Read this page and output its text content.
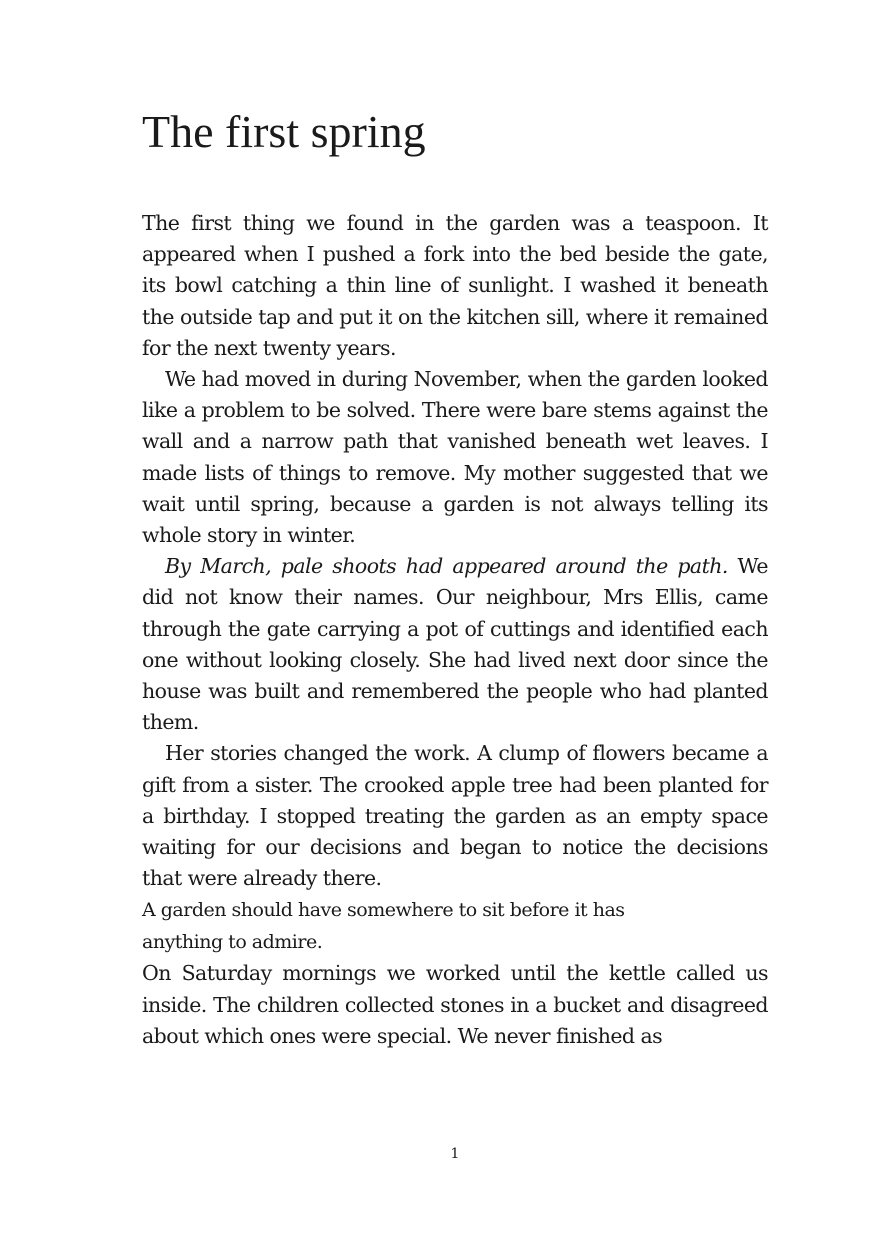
The first spring

The first thing we found in the garden was a teaspoon. It appeared when I pushed a fork into the bed beside the gate, its bowl catching a thin line of sunlight. I washed it beneath the outside tap and put it on the kitchen sill, where it remained for the next twenty years.

We had moved in during November, when the garden looked like a problem to be solved. There were bare stems against the wall and a narrow path that vanished beneath wet leaves. I made lists of things to remove. My mother suggested that we wait until spring, because a garden is not always telling its whole story in winter.

By March, pale shoots had appeared around the path. We did not know their names. Our neighbour, Mrs Ellis, came through the gate carrying a pot of cuttings and identified each one without looking closely. She had lived next door since the house was built and remembered the people who had planted them.

Her stories changed the work. A clump of flowers became a gift from a sister. The crooked apple tree had been planted for a birthday. I stopped treating the garden as an empty space waiting for our decisions and began to notice the decisions that were already there.

A garden should have somewhere to sit before it has anything to admire.

On Saturday mornings we worked until the kettle called us inside. The children collected stones in a bucket and disagreed about which ones were special. We never finished as

1
